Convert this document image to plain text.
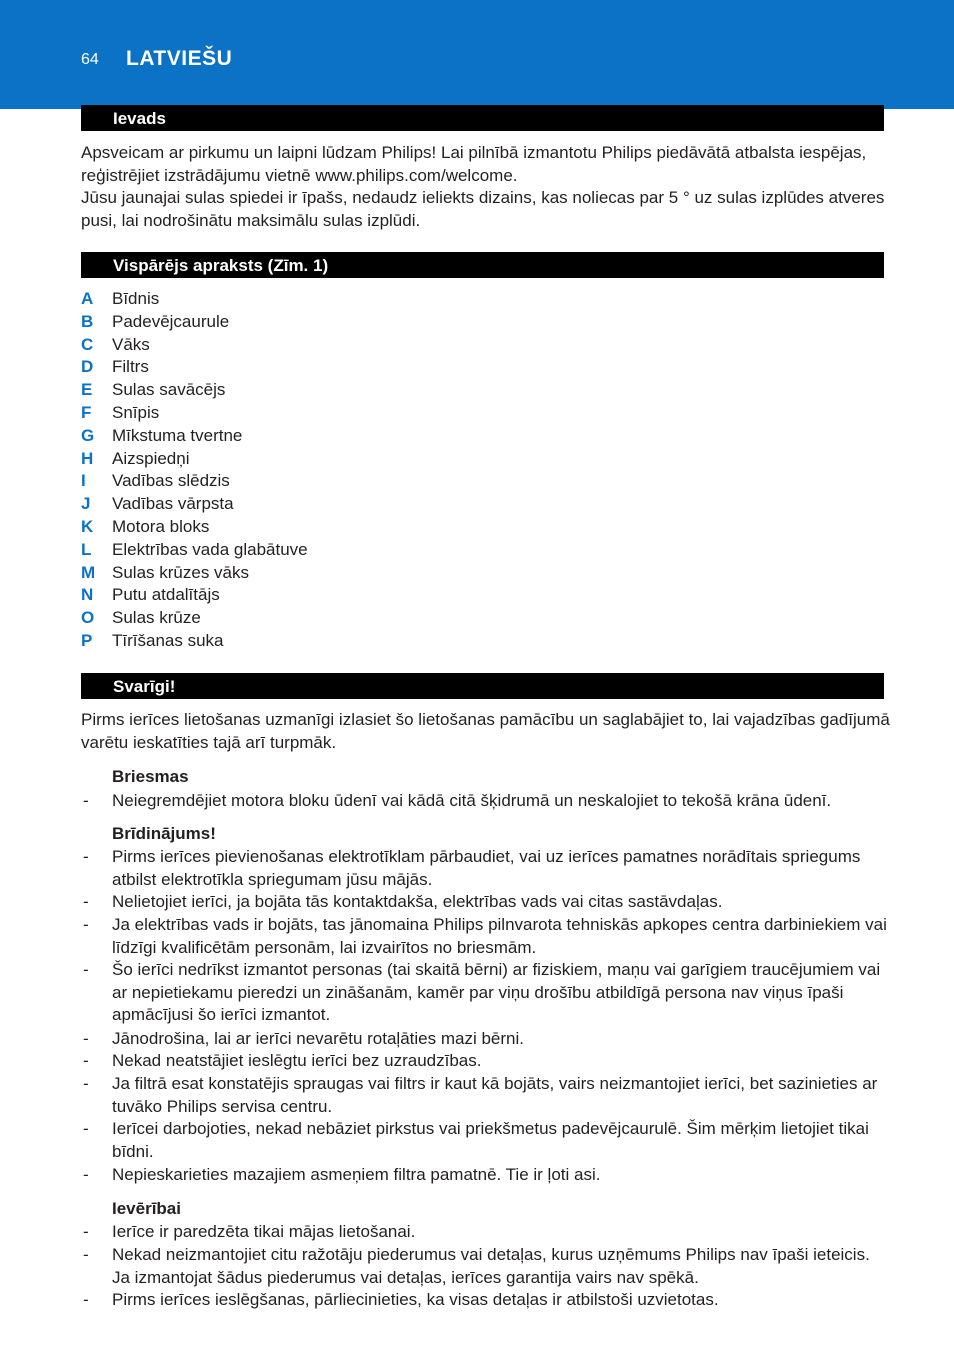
64 LATVIEŠU
Ievads
Apsveicam ar pirkumu un laipni lūdzam Philips! Lai pilnībā izmantotu Philips piedāvātā atbalsta iespējas, reģistrējiet izstrādājumu vietnē www.philips.com/welcome.
Jūsu jaunajai sulas spiedei ir īpašs, nedaudz ieliekts dizains, kas noliecas par 5 ° uz sulas izplūdes atveres pusi, lai nodrošinātu maksimālu sulas izplūdi.
Vispārējs apraksts (Zīm. 1)
A Bīdnis
B Padevējcaurule
C Vāks
D Filtrs
E Sulas savācējs
F Snīpis
G Mīkstuma tvertne
H Aizspiedņi
I Vadības slēdzis
J Vadības vārpsta
K Motora bloks
L Elektrības vada glabātuve
M Sulas krūzes vāks
N Putu atdalītājs
O Sulas krūze
P Tīrīšanas suka
Svarīgi!
Pirms ierīces lietošanas uzmanīgi izlasiet šo lietošanas pamācību un saglabājiet to, lai vajadzības gadījumā varētu ieskatīties tajā arī turpmāk.
Briesmas
- Neiegremdējiet motora bloku ūdenī vai kādā citā šķidrumā un neskalojiet to tekošā krāna ūdenī.
Brīdinājums!
- Pirms ierīces pievienošanas elektrotīklam pārbaudiet, vai uz ierīces pamatnes norādītais spriegums atbilst elektrotīkla spriegumam jūsu mājās.
- Nelietojiet ierīci, ja bojāta tās kontaktdakša, elektrības vads vai citas sastāvdaļas.
- Ja elektrības vads ir bojāts, tas jānomaina Philips pilnvarota tehniskās apkopes centra darbiniekiem vai līdzīgi kvalificētām personām, lai izvairītos no briesmām.
- Šo ierīci nedrīkst izmantot personas (tai skaitā bērni) ar fiziskiem, maņu vai garīgiem traucējumiem vai ar nepietiekamu pieredzi un zināšanām, kamēr par viņu drošību atbildīgā persona nav viņus īpaši apmācījusi šo ierīci izmantot.
- Jānodrošina, lai ar ierīci nevarētu rotaļāties mazi bērni.
- Nekad neatstājiet ieslēgtu ierīci bez uzraudzības.
- Ja filtrā esat konstatējis spraugas vai filtrs ir kaut kā bojāts, vairs neizmantojiet ierīci, bet sazinieties ar tuvāko Philips servisa centru.
- Ierīcei darbojoties, nekad nebāziet pirkstus vai priekšmetus padevējcaurulē. Šim mērķim lietojiet tikai bīdni.
- Nepieskarieties mazajiem asmeņiem filtra pamatnē. Tie ir ļoti asi.
Ievērībai
- Ierīce ir paredzēta tikai mājas lietošanai.
- Nekad neizmantojiet citu ražotāju piederumus vai detaļas, kurus uzņēmums Philips nav īpaši ieteicis. Ja izmantojat šādus piederumus vai detaļas, ierīces garantija vairs nav spēkā.
- Pirms ierīces ieslēgšanas, pārliecinieties, ka visas detaļas ir atbilstoši uzvietotas.
